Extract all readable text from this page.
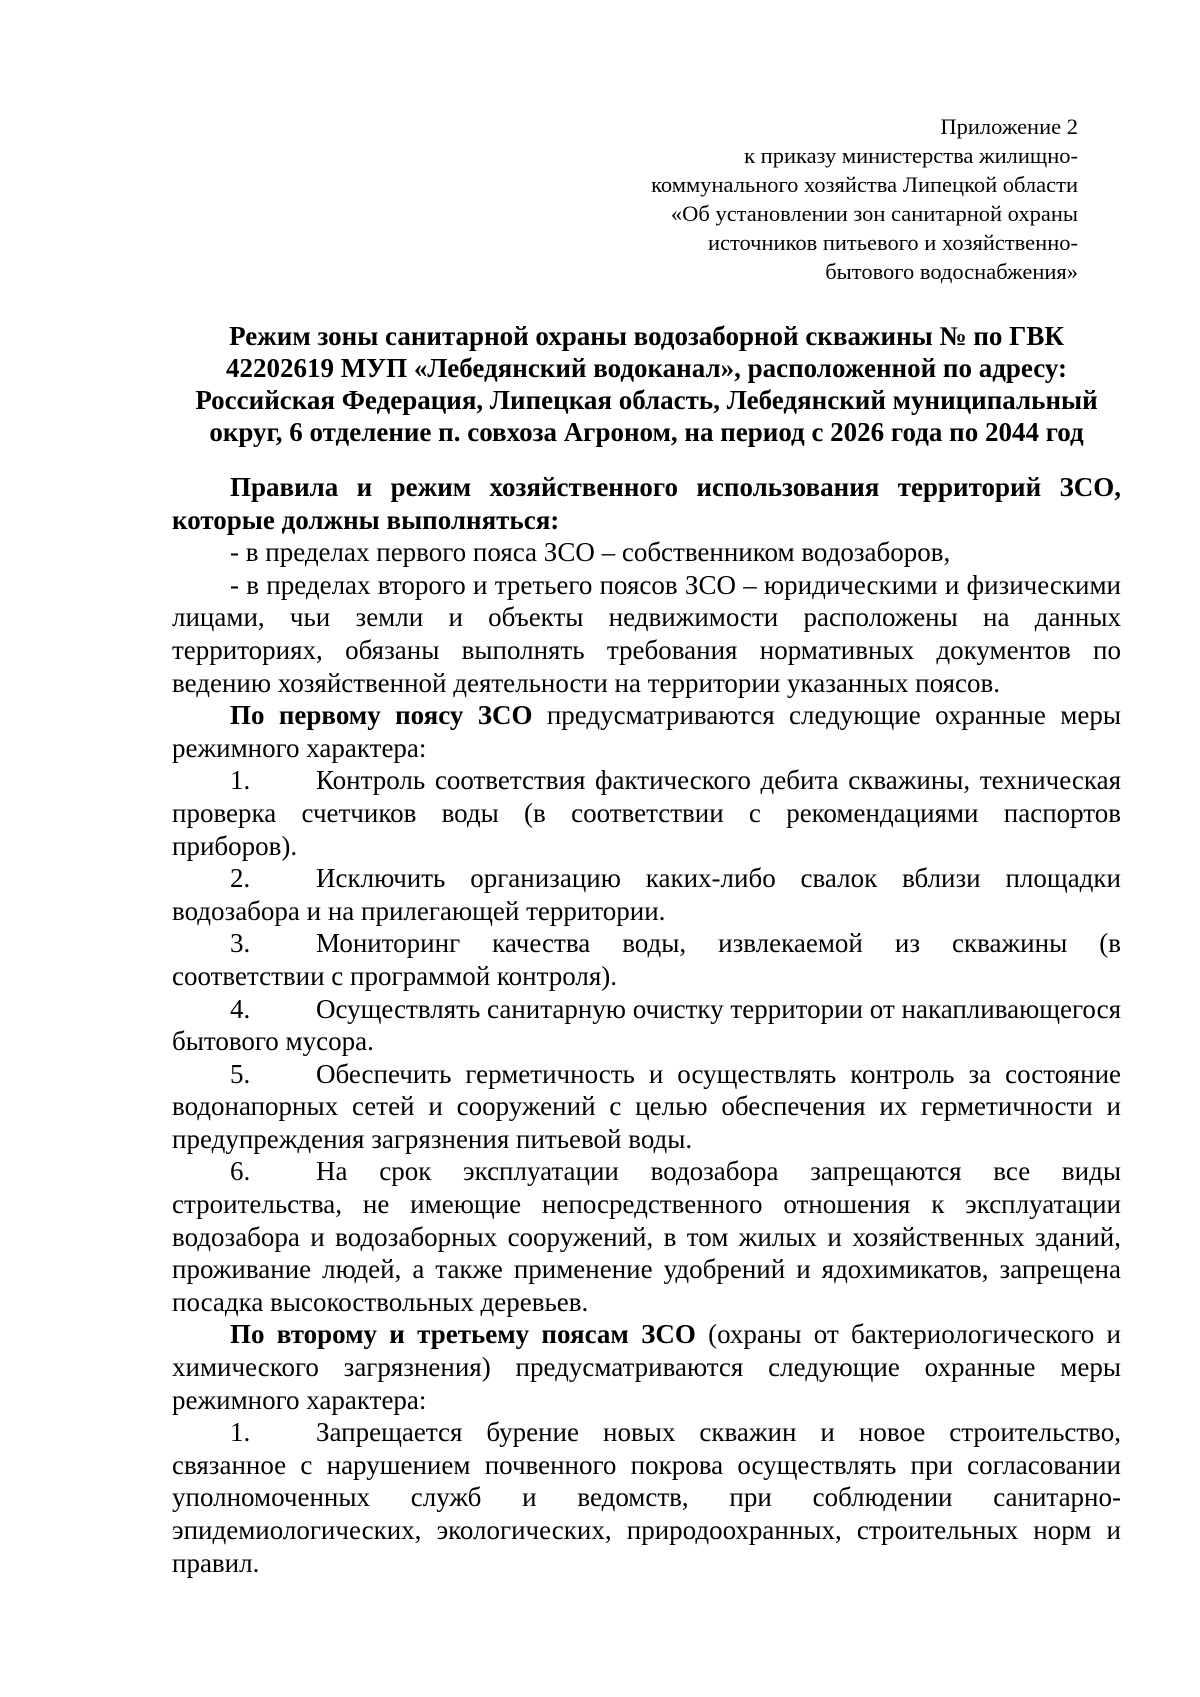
Приложение 2
к приказу министерства жилищно-
коммунального хозяйства Липецкой области
«Об установлении зон санитарной охраны
источников питьевого и хозяйственно-
бытового водоснабжения»
Режим зоны санитарной охраны водозаборной скважины № по ГВК
42202619 МУП «Лебедянский водоканал», расположенной по адресу:
Российская Федерация, Липецкая область, Лебедянский муниципальный
округ, 6 отделение п. совхоза Агроном, на период с 2026 года по 2044 год

Правила и режим хозяйственного использования территорий ЗСО, которые должны выполняться:

- в пределах первого пояса ЗСО – собственником водозаборов,

- в пределах второго и третьего поясов ЗСО – юридическими и физическими лицами, чьи земли и объекты недвижимости расположены на данных территориях, обязаны выполнять требования нормативных документов по ведению хозяйственной деятельности на территории указанных поясов.

По первому поясу ЗСО предусматриваются следующие охранные меры режимного характера:

1. Контроль соответствия фактического дебита скважины, техническая проверка счетчиков воды (в соответствии с рекомендациями паспортов приборов).

2. Исключить организацию каких-либо свалок вблизи площадки водозабора и на прилегающей территории.

3. Мониторинг качества воды, извлекаемой из скважины (в соответствии с программой контроля).

4. Осуществлять санитарную очистку территории от накапливающегося бытового мусора.

5. Обеспечить герметичность и осуществлять контроль за состояние водонапорных сетей и сооружений с целью обеспечения их герметичности и предупреждения загрязнения питьевой воды.

6. На срок эксплуатации водозабора запрещаются все виды строительства, не имеющие непосредственного отношения к эксплуатации водозабора и водозаборных сооружений, в том жилых и хозяйственных зданий, проживание людей, а также применение удобрений и ядохимикатов, запрещена посадка высокоствольных деревьев.

По второму и третьему поясам ЗСО (охраны от бактериологического и химического загрязнения) предусматриваются следующие охранные меры режимного характера:

1. Запрещается бурение новых скважин и новое строительство, связанное с нарушением почвенного покрова осуществлять при согласовании уполномоченных служб и ведомств, при соблюдении санитарно-эпидемиологических, экологических, природоохранных, строительных норм и правил.
